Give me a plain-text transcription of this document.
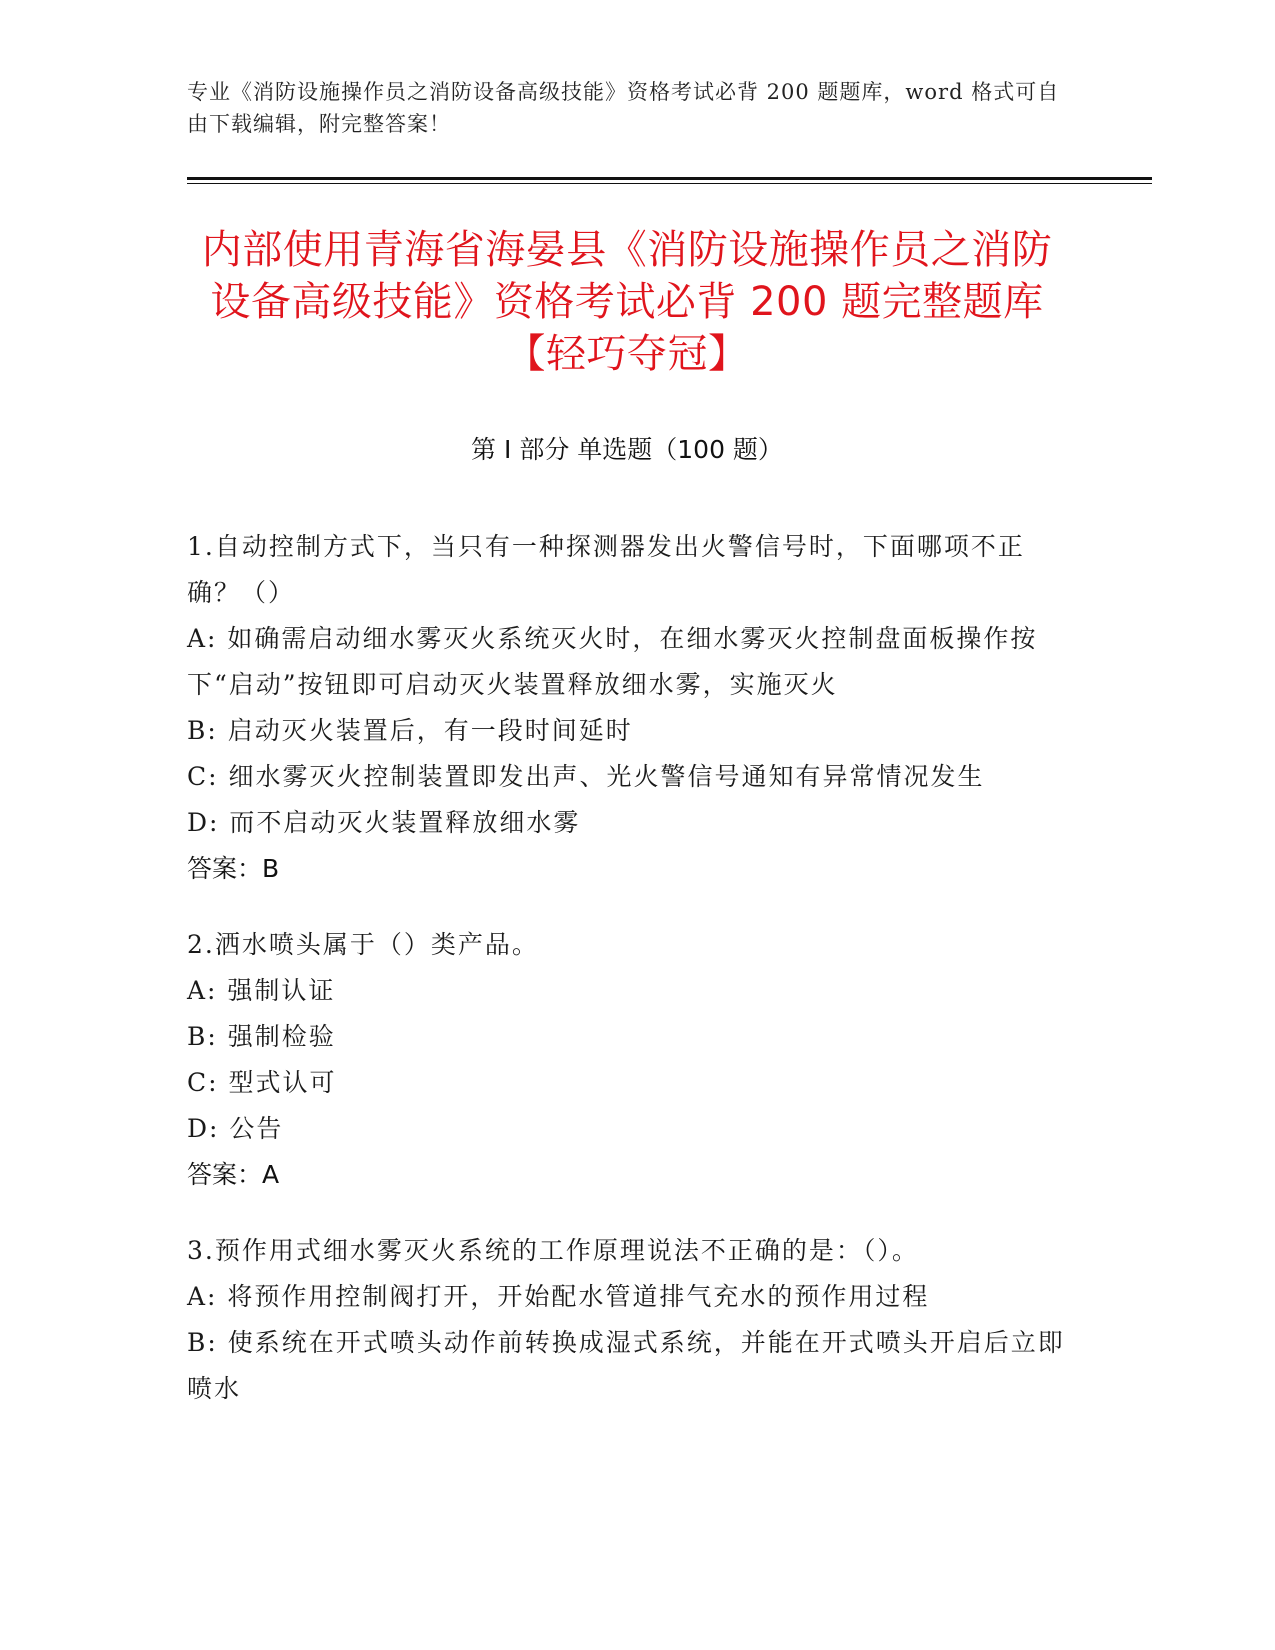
专业《消防设施操作员之消防设备高级技能》资格考试必背 200 题题库，word 格式可自由下载编辑，附完整答案！
内部使用青海省海晏县《消防设施操作员之消防设备高级技能》资格考试必背 200 题完整题库【轻巧夺冠】
第 I 部分 单选题（100 题）
1.自动控制方式下，当只有一种探测器发出火警信号时，下面哪项不正确？（）
A: 如确需启动细水雾灭火系统灭火时，在细水雾灭火控制盘面板操作按下“启动”按钮即可启动灭火装置释放细水雾，实施灭火
B: 启动灭火装置后，有一段时间延时
C: 细水雾灭火控制装置即发出声、光火警信号通知有异常情况发生
D: 而不启动灭火装置释放细水雾
答案：B
2.洒水喷头属于（）类产品。
A: 强制认证
B: 强制检验
C: 型式认可
D: 公告
答案：A
3.预作用式细水雾灭火系统的工作原理说法不正确的是：（）。
A: 将预作用控制阀打开，开始配水管道排气充水的预作用过程
B: 使系统在开式喷头动作前转换成湿式系统，并能在开式喷头开启后立即喷水
